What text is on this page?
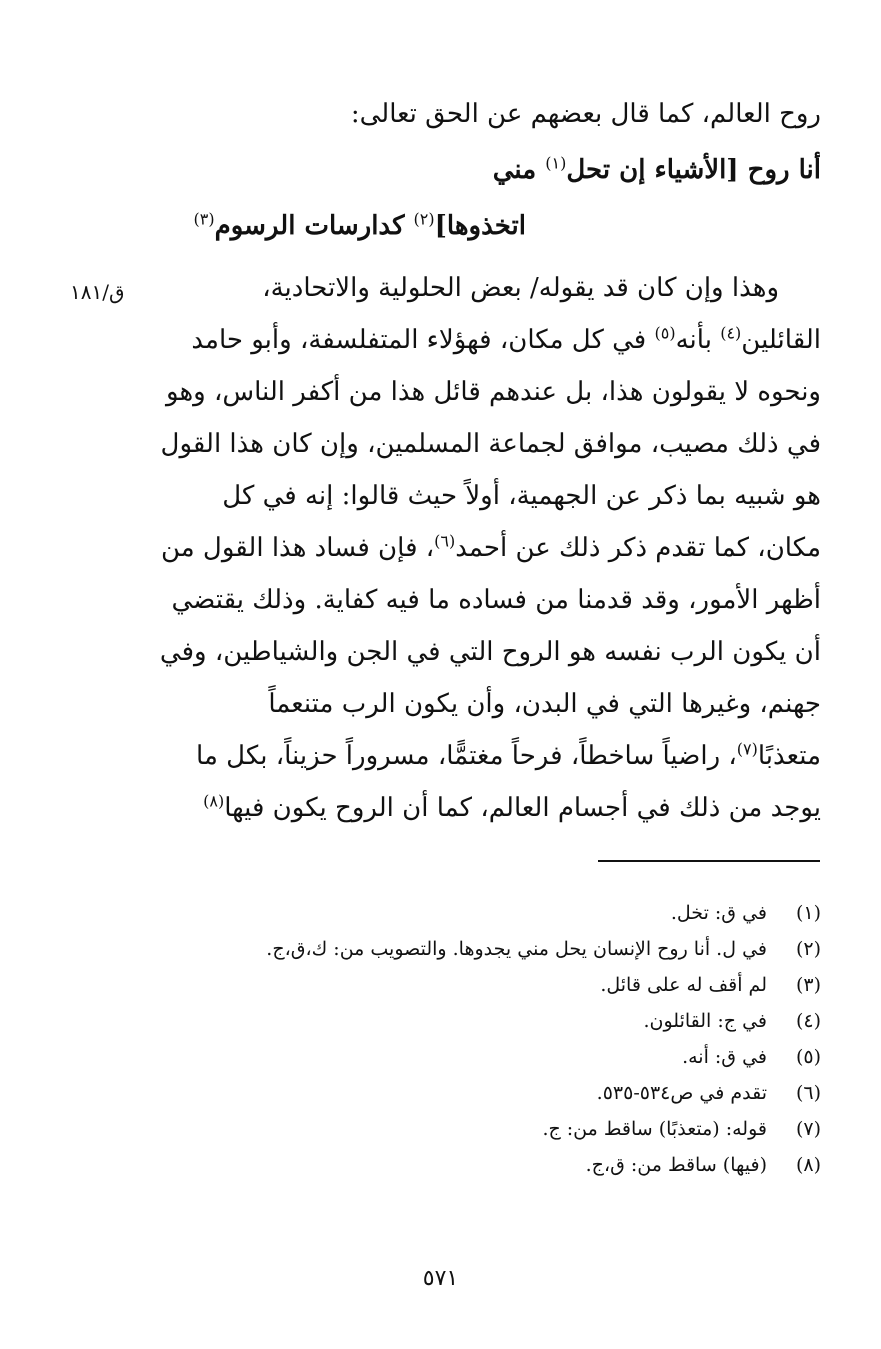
روح العالم، كما قال بعضهم عن الحق تعالى:
أنا روح [الأشياء إن تحل$^{(١)}$ مني
اتخذوها]$^{(٢)}$ كدارسات الرسوم$^{(٣)}$
وهذا وإن كان قد يقوله/ بعض الحلولية والاتحادية،
القائلين$^{(٤)}$ بأنه$^{(٥)}$ في كل مكان، فهؤلاء المتفلسفة، وأبو حامد
ونحوه لا يقولون هذا، بل عندهم قائل هذا من أكفر الناس، وهو
في ذلك مصيب، موافق لجماعة المسلمين، وإن كان هذا القول
هو شبيه بما ذكر عن الجهمية، أولاً حيث قالوا: إنه في كل
مكان، كما تقدم ذكر ذلك عن أحمد$^{(٦)}$، فإن فساد هذا القول من
أظهر الأمور، وقد قدمنا من فساده ما فيه كفاية. وذلك يقتضي
أن يكون الرب نفسه هو الروح التي في الجن والشياطين، وفي
جهنم، وغيرها التي في البدن، وأن يكون الرب متنعماً
متعذبًا$^{(٧)}$، راضياً ساخطاً، فرحاً مغتمًّا، مسروراً حزيناً، بكل ما
يوجد من ذلك في أجسام العالم، كما أن الروح يكون فيها$^{(٨)}$
ق/١٨١
(١)
في ق: تخل.
(٢)
في ل. أنا روح الإنسان يحل مني يجدوها. والتصويب من: ك،ق،ج.
(٣)
لم أقف له على قائل.
(٤)
في ج: القائلون.
(٥)
في ق: أنه.
(٦)
تقدم في ص٥٣٤-٥٣٥.
(٧)
قوله: (متعذبًا) ساقط من: ج.
(٨)
(فيها) ساقط من: ق،ج.
٥٧١
